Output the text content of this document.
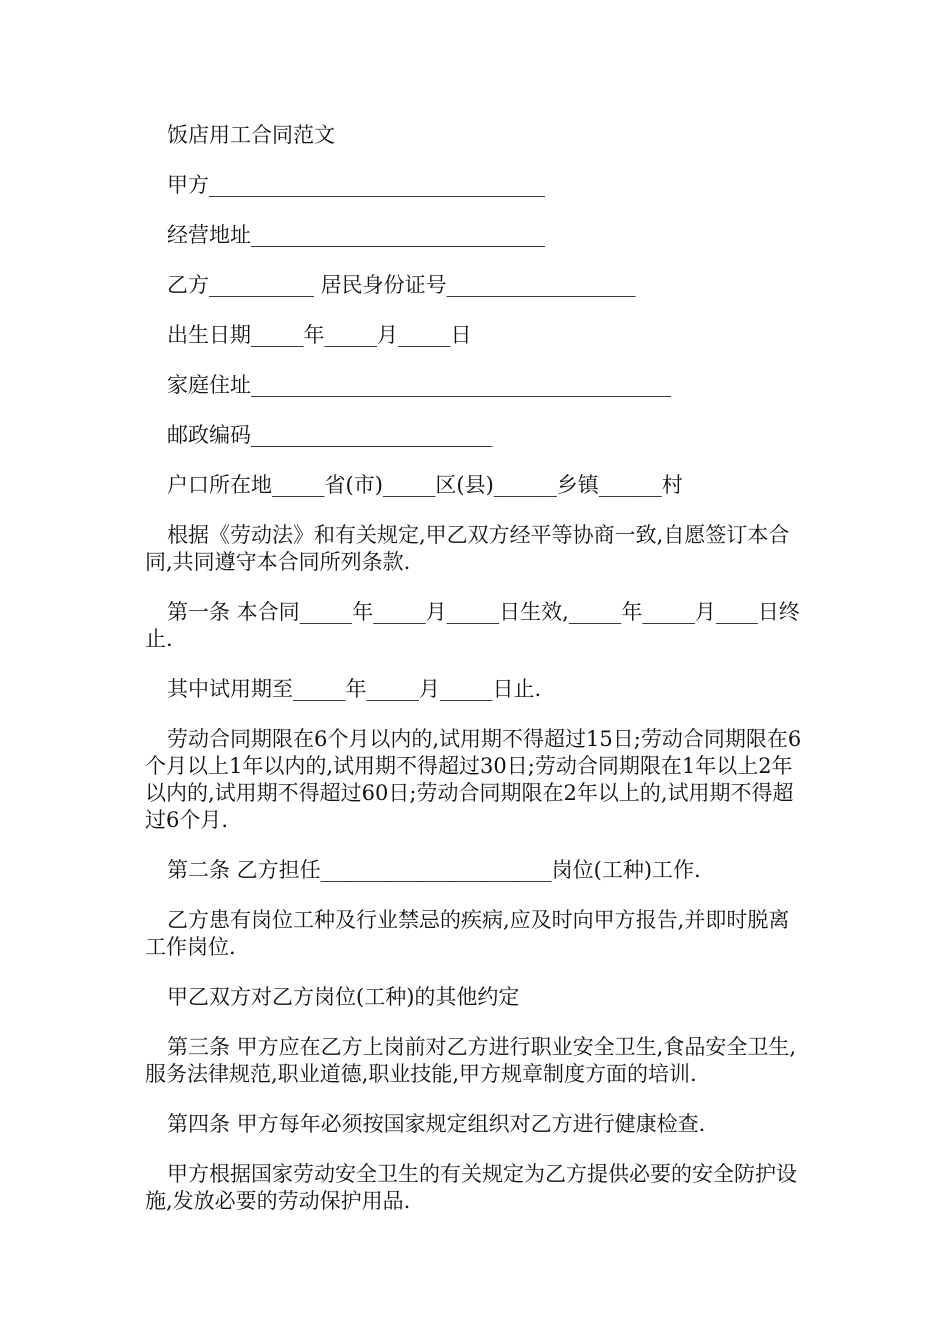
饭店用工合同范文

甲方________________________________

经营地址____________________________

乙方__________ 居民身份证号__________________

出生日期_____年_____月_____日

家庭住址________________________________________

邮政编码_______________________

户口所在地_____省(市)_____区(县)______乡镇______村

根据《劳动法》和有关规定,甲乙双方经平等协商一致,自愿签订本合同,共同遵守本合同所列条款.

第一条 本合同_____年_____月_____日生效,_____年_____月____日终止.

其中试用期至_____年_____月_____日止.

劳动合同期限在6个月以内的,试用期不得超过15日;劳动合同期限在6个月以上1年以内的,试用期不得超过30日;劳动合同期限在1年以上2年以内的,试用期不得超过60日;劳动合同期限在2年以上的,试用期不得超过6个月.

第二条 乙方担任______________________岗位(工种)工作.

乙方患有岗位工种及行业禁忌的疾病,应及时向甲方报告,并即时脱离工作岗位.

甲乙双方对乙方岗位(工种)的其他约定

第三条 甲方应在乙方上岗前对乙方进行职业安全卫生,食品安全卫生,服务法律规范,职业道德,职业技能,甲方规章制度方面的培训.

第四条 甲方每年必须按国家规定组织对乙方进行健康检查.

甲方根据国家劳动安全卫生的有关规定为乙方提供必要的安全防护设施,发放必要的劳动保护用品.
